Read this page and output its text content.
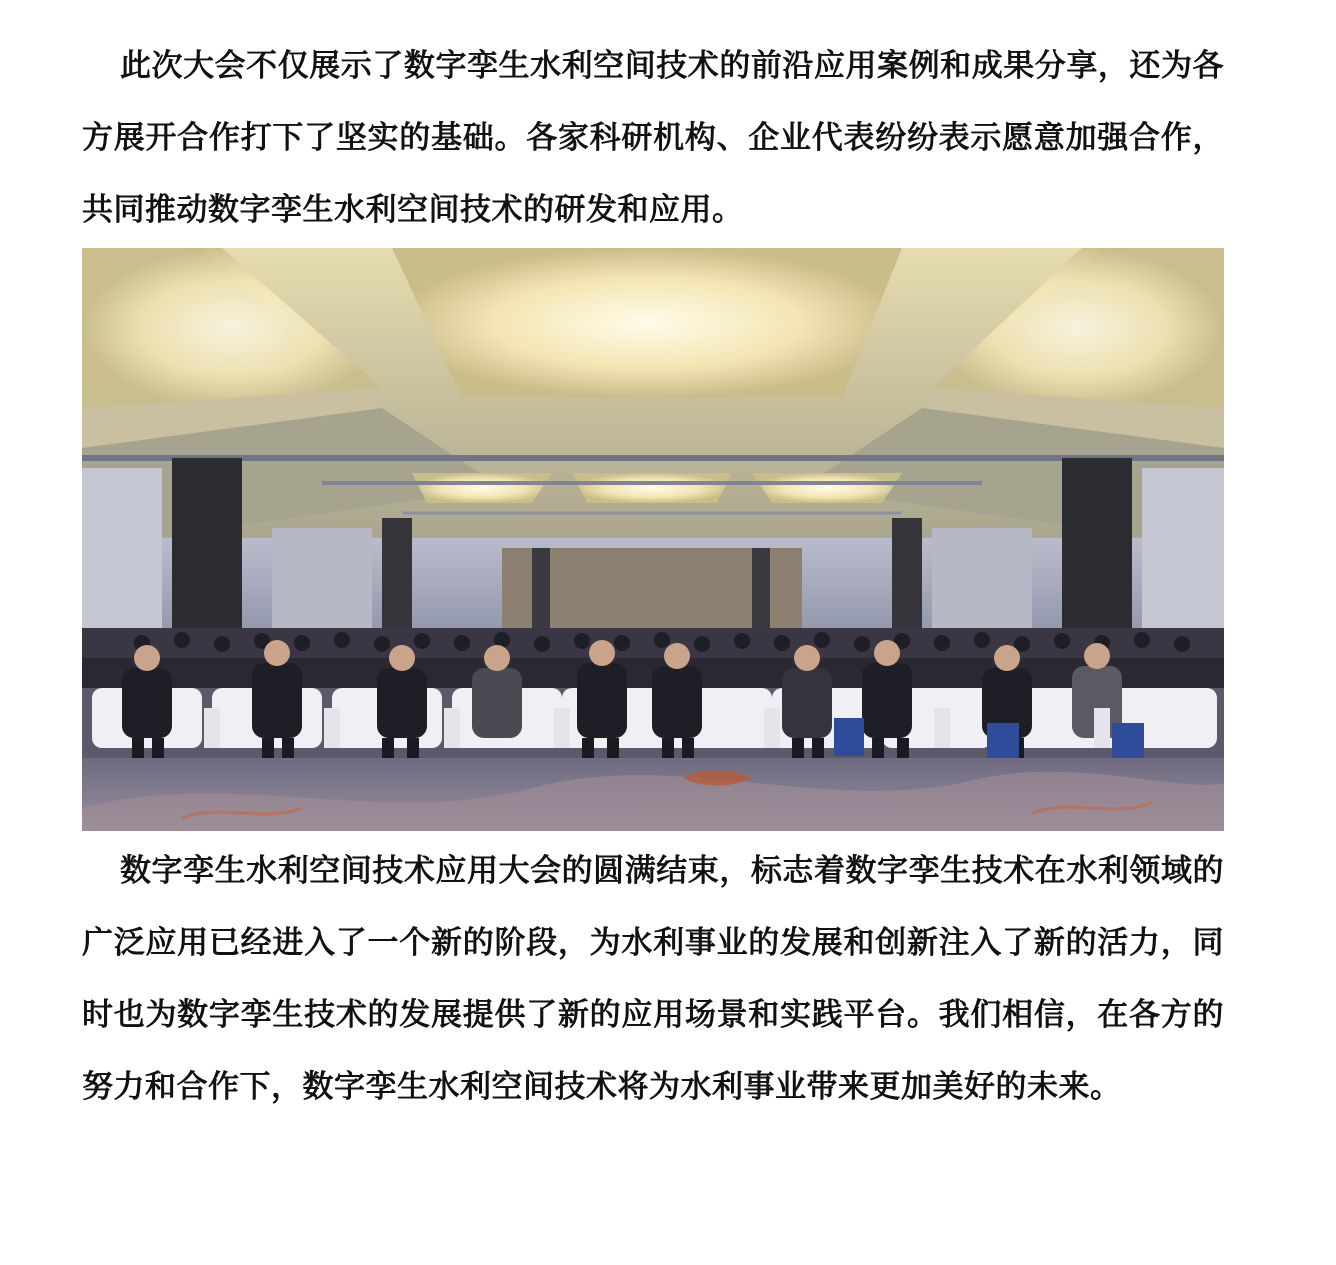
此次大会不仅展示了数字孪生水利空间技术的前沿应用案例和成果分享，还为各方展开合作打下了坚实的基础。各家科研机构、企业代表纷纷表示愿意加强合作，共同推动数字孪生水利空间技术的研发和应用。

数字孪生水利空间技术应用大会的圆满结束，标志着数字孪生技术在水利领域的广泛应用已经进入了一个新的阶段，为水利事业的发展和创新注入了新的活力，同时也为数字孪生技术的发展提供了新的应用场景和实践平台。我们相信，在各方的努力和合作下，数字孪生水利空间技术将为水利事业带来更加美好的未来。
